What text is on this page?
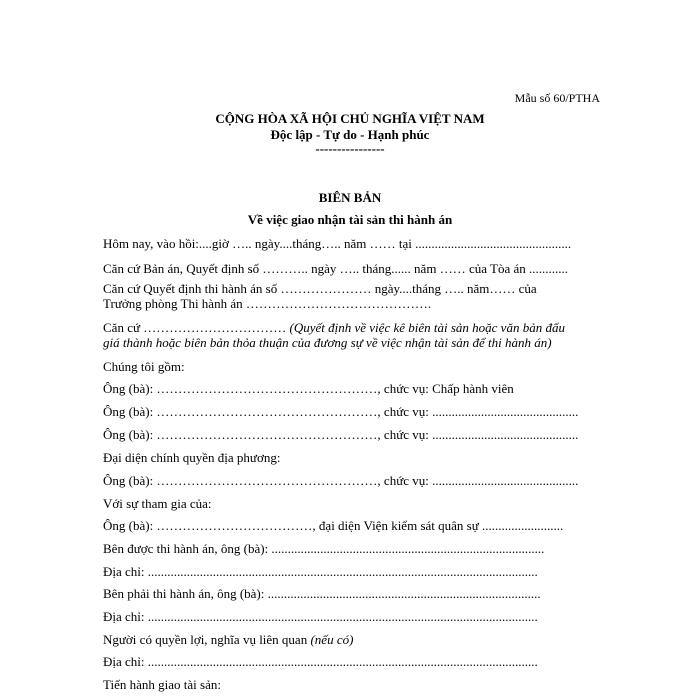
Mẫu số 60/PTHA
CỘNG HÒA XÃ HỘI CHỦ NGHĨA VIỆT NAM
Độc lập - Tự do - Hạnh phúc
----------------
BIÊN BẢN
Về việc giao nhận tài sản thi hành án
Hôm nay, vào hồi:....giờ ….. ngày....tháng….. năm …… tại ................................................
Căn cứ Bản án, Quyết định số ……….. ngày ….. tháng...... năm …… của Tòa án ............
Căn cứ Quyết định thi hành án số ………………… ngày....tháng ….. năm…… của
Trưởng phòng Thi hành án …………………………………….
Căn cứ …………………………… (Quyết định về việc kê biên tài sản hoặc văn bản đấu
giá thành hoặc biên bản thỏa thuận của đương sự về việc nhận tài sản để thi hành án)
Chúng tôi gồm:
Ông (bà): ……………………………………………, chức vụ: Chấp hành viên
Ông (bà): ……………………………………………, chức vụ: .............................................
Ông (bà): ……………………………………………, chức vụ: .............................................
Đại diện chính quyền địa phương:
Ông (bà): ……………………………………………, chức vụ: .............................................
Với sự tham gia của:
Ông (bà): ………………………………, đại diện Viện kiểm sát quân sự .........................
Bên được thi hành án, ông (bà): ....................................................................................
Địa chỉ: ........................................................................................................................
Bên phải thi hành án, ông (bà): ....................................................................................
Địa chỉ: ........................................................................................................................
Người có quyền lợi, nghĩa vụ liên quan (nếu có)
Địa chỉ: ........................................................................................................................
Tiến hành giao tài sản:
